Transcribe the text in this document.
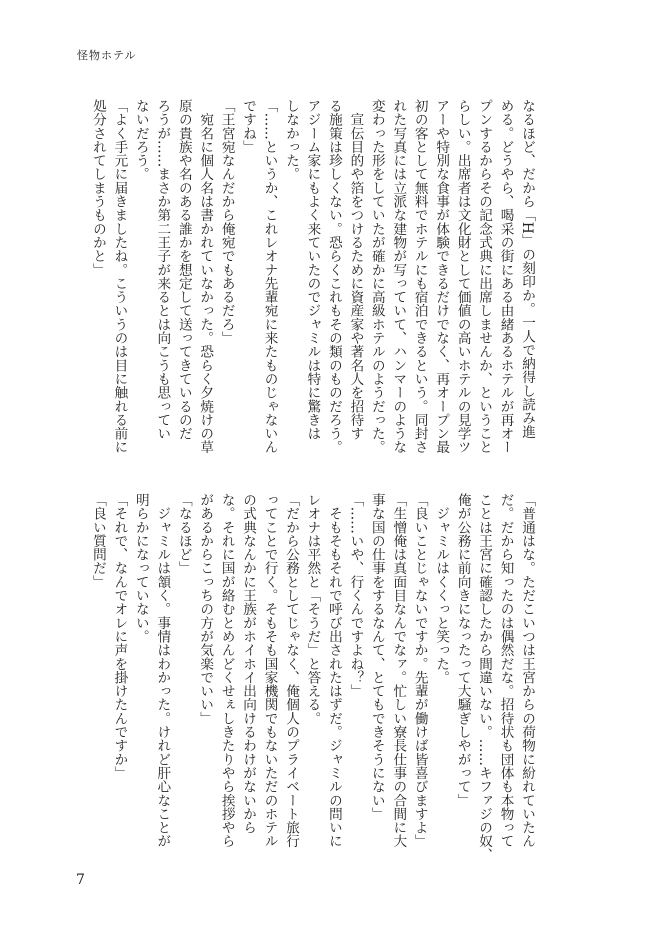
怪物ホテル
なるほど、だから「H」の刻印か。一人で納得し読み進
める。どうやら、喝采の街にある由緒あるホテルが再オー
プンするからその記念式典に出席しませんか、ということ
らしい。出席者は文化財として価値の高いホテルの見学ツ
アーや特別な食事が体験できるだけでなく、再オープン最
初の客として無料でホテルにも宿泊できるという。同封さ
れた写真には立派な建物が写っていて、ハンマーのような
変わった形をしていたが確かに高級ホテルのようだった。
　宣伝目的や箔をつけるために資産家や著名人を招待す
る施策は珍しくない。恐らくこれもその類のものだろう。
アジーム家にもよく来ていたのでジャミルは特に驚きは
しなかった。
「……というか、これレオナ先輩宛に来たものじゃないん
ですね」
「王宮宛なんだから俺宛でもあるだろ」
　宛名に個人名は書かれていなかった。恐らく夕焼けの草
原の貴族や名のある誰かを想定して送ってきているのだ
ろうが……まさか第二王子が来るとは向こうも思ってい
ないだろう。
「よく手元に届きましたね。こういうのは目に触れる前に
処分されてしまうものかと」
「普通はな。ただこいつは王宮からの荷物に紛れていたん
だ。だから知ったのは偶然だな。招待状も団体も本物って
ことは王宮に確認したから間違いない。……キファジの奴、
俺が公務に前向きになったって大騒ぎしやがって」
　ジャミルはくくっと笑った。
「良いことじゃないですか。先輩が働けば皆喜びますよ」
「生憎俺は真面目なんでなァ。忙しい寮長仕事の合間に大
事な国の仕事をするなんて、とてもできそうにない」
「……いや、行くんですよね？」
　そもそもそれで呼び出されたはずだ。ジャミルの問いに
レオナは平然と「そうだ」と答える。
「だから公務としてじゃなく、俺個人のプライベート旅行
ってことで行く。そもそも国家機関でもないただのホテル
の式典なんかに王族がホイホイ出向けるわけがないから
な。それに国が絡むとめんどくせぇしきたりやら挨拶やら
があるからこっちの方が気楽でいい」
「なるほど」
　ジャミルは頷く。事情はわかった。けれど肝心なことが
明らかになっていない。
「それで、なんでオレに声を掛けたんですか」
「良い質問だ」
7
